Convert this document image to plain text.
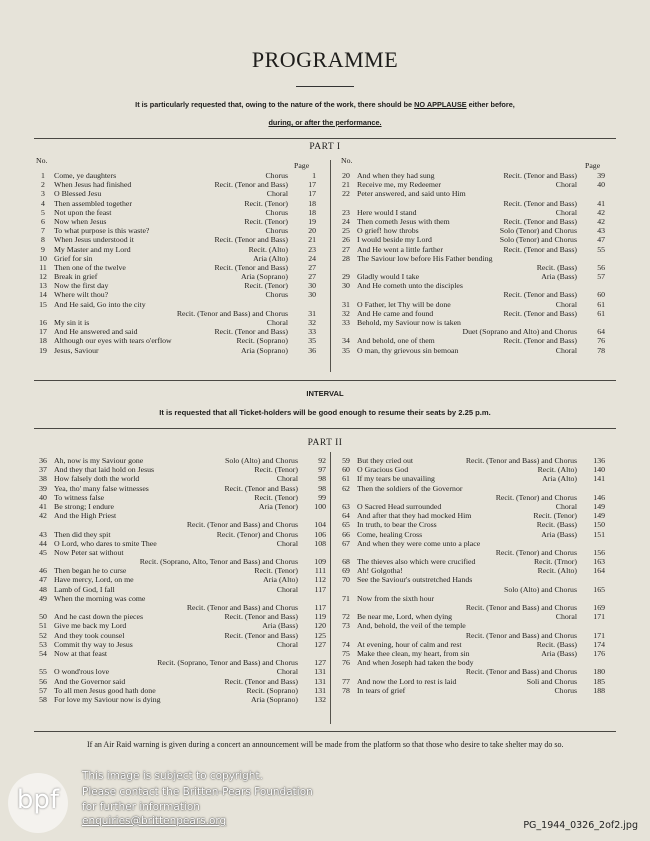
PROGRAMME
It is particularly requested that, owing to the nature of the work, there should be NO APPLAUSE either before,
during, or after the performance.
PART I
No.
Page
No.
Page
1	Come, ye daughters	Chorus	1
2	When Jesus had finished	Recit. (Tenor and Bass)	17
3	O Blessed Jesu	Choral	17
4	Then assembled together	Recit. (Tenor)	18
5	Not upon the feast	Chorus	18
6	Now when Jesus	Recit. (Tenor)	19
7	To what purpose is this waste?	Chorus	20
8	When Jesus understood it	Recit. (Tenor and Bass)	21
9	My Master and my Lord	Recit. (Alto)	23
10 Grief for sin	Aria (Alto)	24
11 Then one of the twelve	Recit. (Tenor and Bass)	27
12 Break in grief	Aria (Soprano)	27
13 Now the first day	Recit. (Tenor)	30
14 Where wilt thou?	Chorus	30
15 And He said, Go into the city
Recit. (Tenor and Bass) and Chorus	31
16 My sin it is	Choral	32
17 And He answered and said	Recit. (Tenor and Bass)	33
18 Although our eyes with tears o'erflow	Recit. (Soprano)	35
19 Jesus, Saviour	Aria (Soprano)	36
20 And when they had sung	Recit. (Tenor and Bass)	39
21 Receive me, my Redeemer	Choral	40
22 Peter answered, and said unto Him
Recit. (Tenor and Bass)	41
23 Here would I stand	Choral	42
24 Then cometh Jesus with them	Recit. (Tenor and Bass)	42
25 O grief! how throbs	Solo (Tenor) and Chorus	43
26 I would beside my Lord	Solo (Tenor) and Chorus	47
27 And He went a little farther	Recit. (Tenor and Bass)	55
28 The Saviour low before His Father bending
Recit. (Bass)	56
29 Gladly would I take	Aria (Bass)	57
30 And He cometh unto the disciples
Recit. (Tenor and Bass)	60
31 O Father, let Thy will be done	Choral	61
32 And He came and found	Recit. (Tenor and Bass)	61
33 Behold, my Saviour now is taken
Duet (Soprano and Alto) and Chorus	64
34 And behold, one of them	Recit. (Tenor and Bass)	76
35 O man, thy grievous sin bemoan	Choral	78
INTERVAL
It is requested that all Ticket-holders will be good enough to resume their seats by 2.25 p.m.
PART II
36 Ah, now is my Saviour gone	Solo (Alto) and Chorus	92
37 And they that laid hold on Jesus	Recit. (Tenor)	97
38 How falsely doth the world	Choral	98
39 Yea, tho' many false witnesses	Recit. (Tenor and Bass)	98
40 To witness false	Recit. (Tenor)	99
41 Be strong; I endure	Aria (Tenor)	100
42 And the High Priest
Recit. (Tenor and Bass) and Chorus	104
43 Then did they spit	Recit. (Tenor) and Chorus	106
44 O Lord, who dares to smite Thee	Choral	108
45 Now Peter sat without
Recit. (Soprano, Alto, Tenor and Bass) and Chorus	109
46 Then began he to curse	Recit. (Tenor)	111
47 Have mercy, Lord, on me	Aria (Alto)	112
48 Lamb of God, I fall	Choral	117
49 When the morning was come
Recit. (Tenor and Bass) and Chorus	117
50 And he cast down the pieces	Recit. (Tenor and Bass)	119
51 Give me back my Lord	Aria (Bass)	120
52 And they took counsel	Recit. (Tenor and Bass)	125
53 Commit thy way to Jesus	Choral	127
54 Now at that feast
Recit. (Soprano, Tenor and Bass) and Chorus	127
55 O wond'rous love	Choral	131
56 And the Governor said	Recit. (Tenor and Bass)	131
57 To all men Jesus good hath done	Recit. (Soprano)	131
58 For love my Saviour now is dying	Aria (Soprano)	132
59 But they cried out	Recit. (Tenor and Bass) and Chorus	136
60 O Gracious God	Recit. (Alto)	140
61 If my tears be unavailing	Aria (Alto)	141
62 Then the soldiers of the Governor
Recit. (Tenor) and Chorus	146
63 O Sacred Head surrounded	Choral	149
64 And after that they had mocked Him	Recit. (Tenor)	149
65 In truth, to bear the Cross	Recit. (Bass)	150
66 Come, healing Cross	Aria (Bass)	151
67 And when they were come unto a place
Recit. (Tenor) and Chorus	156
68 The thieves also which were crucified	Recit. (Trnor)	163
69 Ah! Golgotha!	Recit. (Alto)	164
70 See the Saviour's outstretched Hands
Solo (Alto) and Chorus	165
71 Now from the sixth hour
Recit. (Tenor and Bass) and Chorus	169
72 Be near me, Lord, when dying	Choral	171
73 And, behold, the veil of the temple
Recit. (Tenor and Bass) and Chorus	171
74 At evening, hour of calm and rest	Recit. (Bass)	174
75 Make thee clean, my heart, from sin	Aria (Bass)	176
76 And when Joseph had taken the body
Recit. (Tenor and Bass) and Chorus	180
77 And now the Lord to rest is laid	Soli and Chorus	185
78 In tears of grief	Chorus	188
If an Air Raid warning is given during a concert an announcement will be made from the platform so that those who desire to take shelter may do so.
bpf
This image is subject to copyright.
Please contact the Britten-Pears Foundation
for further information
enquiries@brittenpears.org	PG_1944_0326_2of2.jpg
